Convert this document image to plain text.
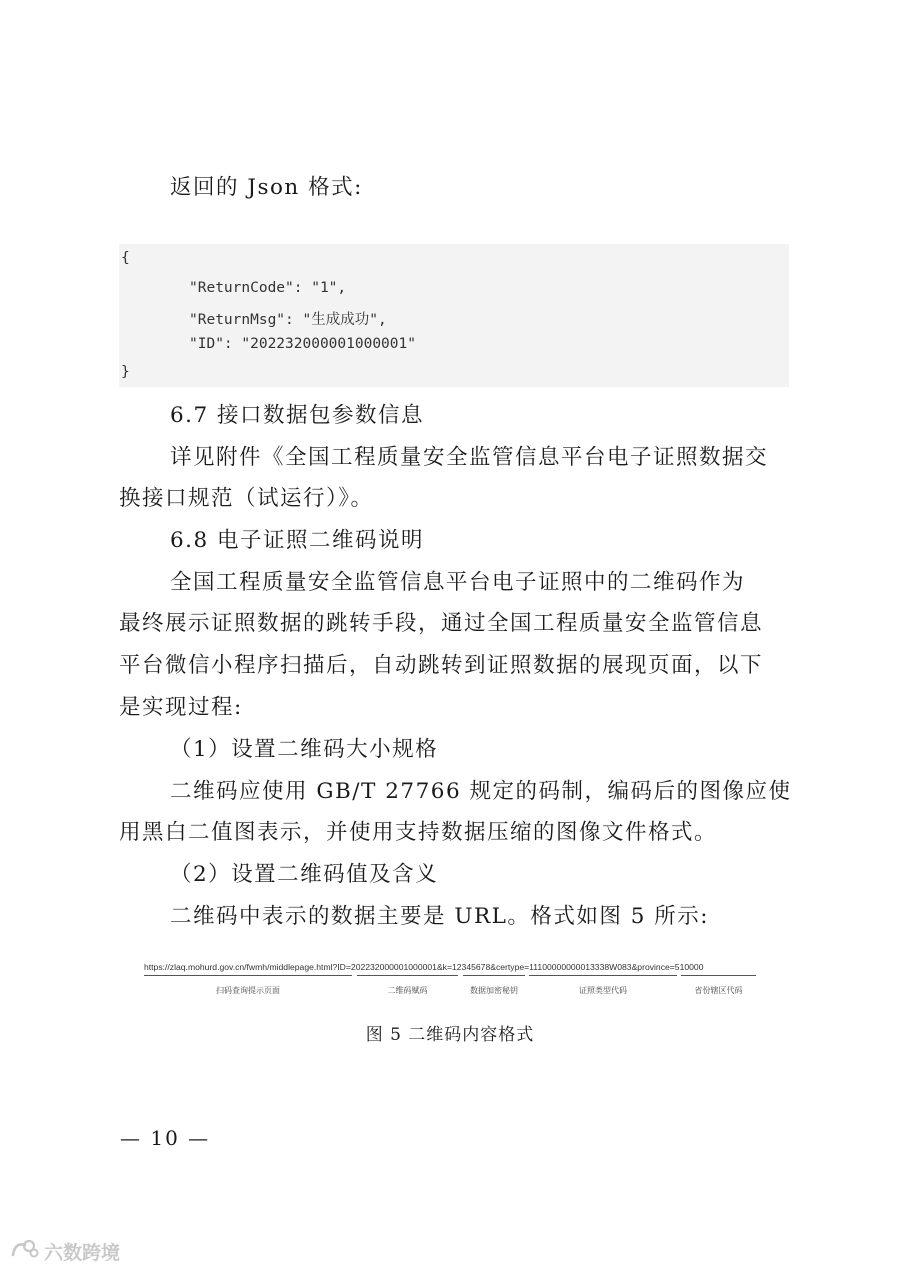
返回的 Json 格式:
{
"ReturnCode": "1",
"ReturnMsg": "生成成功",
"ID": "202232000001000001"
}
6.7 接口数据包参数信息
详见附件《全国工程质量安全监管信息平台电子证照数据交
换接口规范（试运行）》。
6.8 电子证照二维码说明
全国工程质量安全监管信息平台电子证照中的二维码作为
最终展示证照数据的跳转手段，通过全国工程质量安全监管信息
平台微信小程序扫描后，自动跳转到证照数据的展现页面，以下
是实现过程:
（1）设置二维码大小规格
二维码应使用 GB/T 27766 规定的码制，编码后的图像应使
用黑白二值图表示，并使用支持数据压缩的图像文件格式。
（2）设置二维码值及含义
二维码中表示的数据主要是 URL。格式如图 5 所示:
https://zlaq.mohurd.gov.cn/fwmh/middlepage.html?ID=202232000001000001&k=12345678&certype=11100000000013338W083&province=510000
扫码查询提示页面	二维码赋码	数据加密秘钥	证照类型代码	省份辖区代码
图 5 二维码内容格式
— 10 —
六数跨境
